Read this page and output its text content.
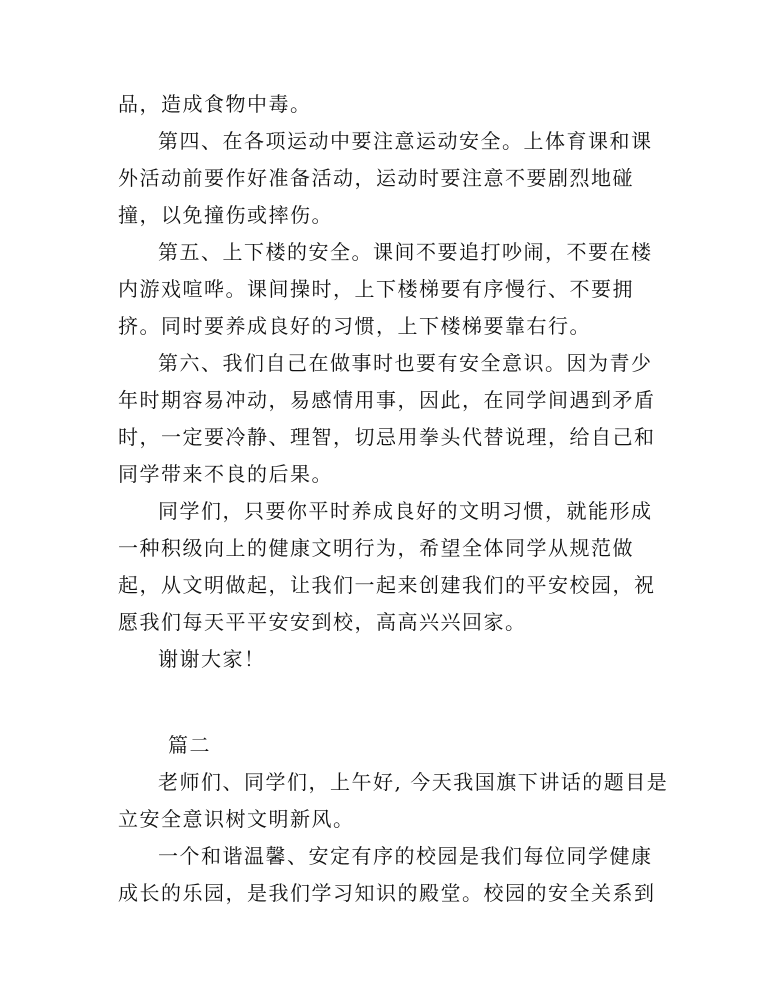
品，造成食物中毒。
第四、在各项运动中要注意运动安全。上体育课和课
外活动前要作好准备活动，运动时要注意不要剧烈地碰
撞，以免撞伤或摔伤。
第五、上下楼的安全。课间不要追打吵闹，不要在楼
内游戏喧哗。课间操时，上下楼梯要有序慢行、不要拥
挤。同时要养成良好的习惯，上下楼梯要靠右行。
第六、我们自己在做事时也要有安全意识。因为青少
年时期容易冲动，易感情用事，因此，在同学间遇到矛盾
时，一定要冷静、理智，切忌用拳头代替说理，给自己和
同学带来不良的后果。
同学们，只要你平时养成良好的文明习惯，就能形成
一种积级向上的健康文明行为，希望全体同学从规范做
起，从文明做起，让我们一起来创建我们的平安校园，祝
愿我们每天平平安安到校，高高兴兴回家。
谢谢大家！
篇二
老师们、同学们，上午好, 今天我国旗下讲话的题目是
立安全意识树文明新风。
一个和谐温馨、安定有序的校园是我们每位同学健康
成长的乐园，是我们学习知识的殿堂。校园的安全关系到
